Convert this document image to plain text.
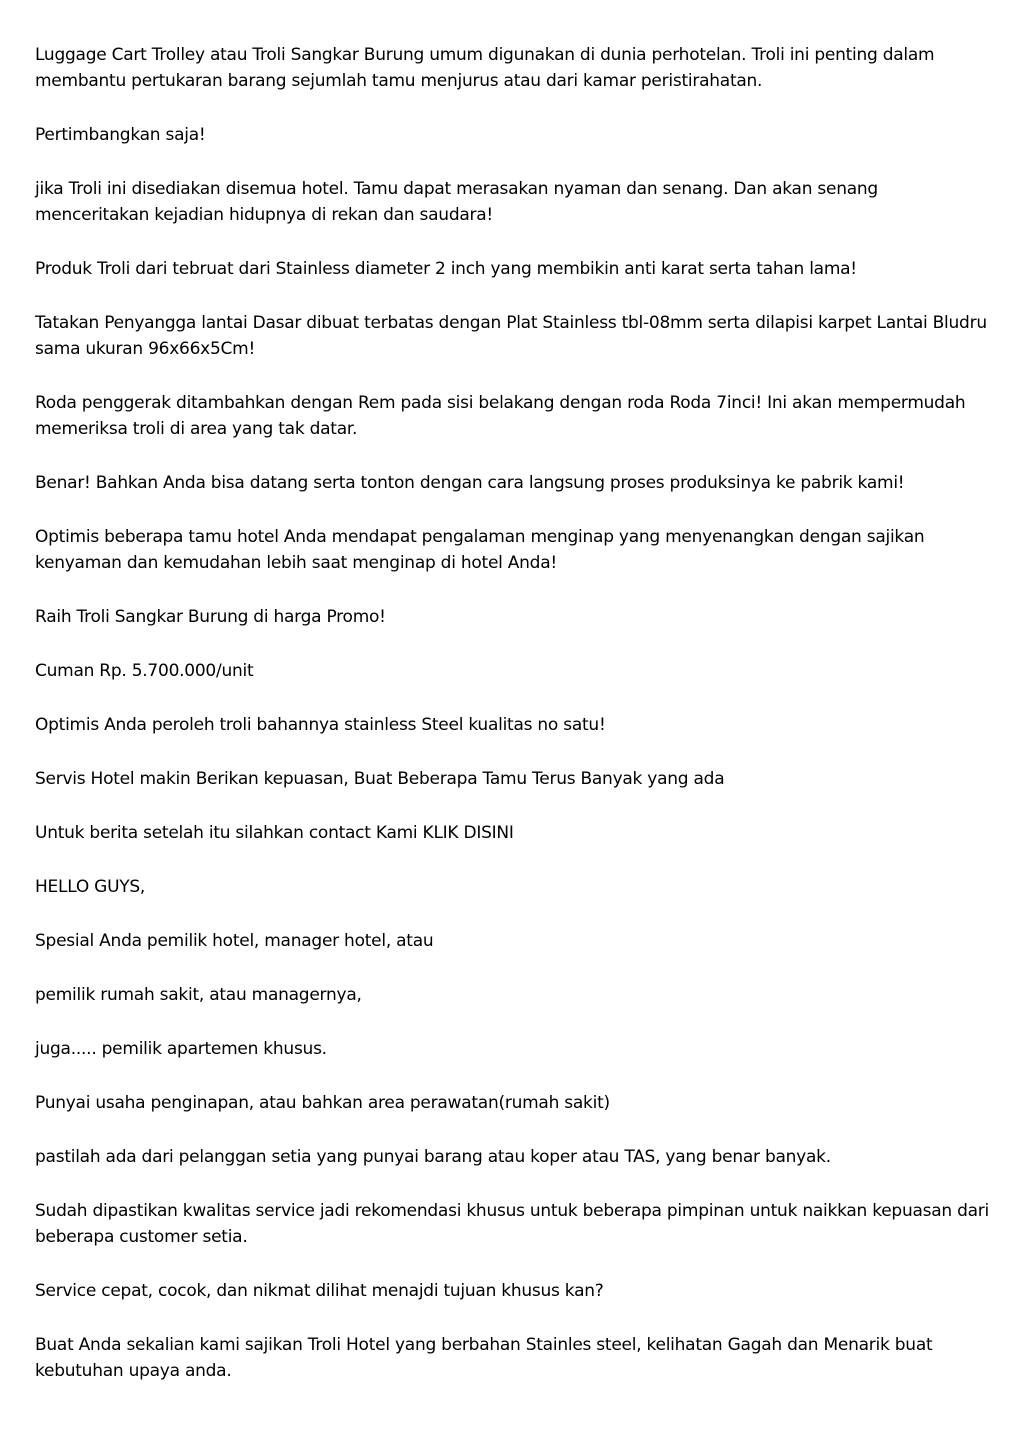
Luggage Cart Trolley atau Troli Sangkar Burung umum digunakan di dunia perhotelan. Troli ini penting dalam membantu pertukaran barang sejumlah tamu menjurus atau dari kamar peristirahatan.

Pertimbangkan saja!

jika Troli ini disediakan disemua hotel. Tamu dapat merasakan nyaman dan senang. Dan akan senang menceritakan kejadian hidupnya di rekan dan saudara!

Produk Troli dari tebruat dari Stainless diameter 2 inch yang membikin anti karat serta tahan lama!

Tatakan Penyangga lantai Dasar dibuat terbatas dengan Plat Stainless tbl-08mm serta dilapisi karpet Lantai Bludru sama ukuran 96x66x5Cm!

Roda penggerak ditambahkan dengan Rem pada sisi belakang dengan roda Roda 7inci! Ini akan mempermudah memeriksa troli di area yang tak datar.

Benar! Bahkan Anda bisa datang serta tonton dengan cara langsung proses produksinya ke pabrik kami!

Optimis beberapa tamu hotel Anda mendapat pengalaman menginap yang menyenangkan dengan sajikan kenyaman dan kemudahan lebih saat menginap di hotel Anda!

Raih Troli Sangkar Burung di harga Promo!

Cuman Rp. 5.700.000/unit

Optimis Anda peroleh troli bahannya stainless Steel kualitas no satu!

Servis Hotel makin Berikan kepuasan, Buat Beberapa Tamu Terus Banyak yang ada

Untuk berita setelah itu silahkan contact Kami KLIK DISINI

HELLO GUYS,

Spesial Anda pemilik hotel, manager hotel, atau

pemilik rumah sakit, atau managernya,

juga..... pemilik apartemen khusus.

Punyai usaha penginapan, atau bahkan area perawatan(rumah sakit)

pastilah ada dari pelanggan setia yang punyai barang atau koper atau TAS, yang benar banyak.

Sudah dipastikan kwalitas service jadi rekomendasi khusus untuk beberapa pimpinan untuk naikkan kepuasan dari beberapa customer setia.

Service cepat, cocok, dan nikmat dilihat menajdi tujuan khusus kan?

Buat Anda sekalian kami sajikan Troli Hotel yang berbahan Stainles steel, kelihatan Gagah dan Menarik buat kebutuhan upaya anda.
